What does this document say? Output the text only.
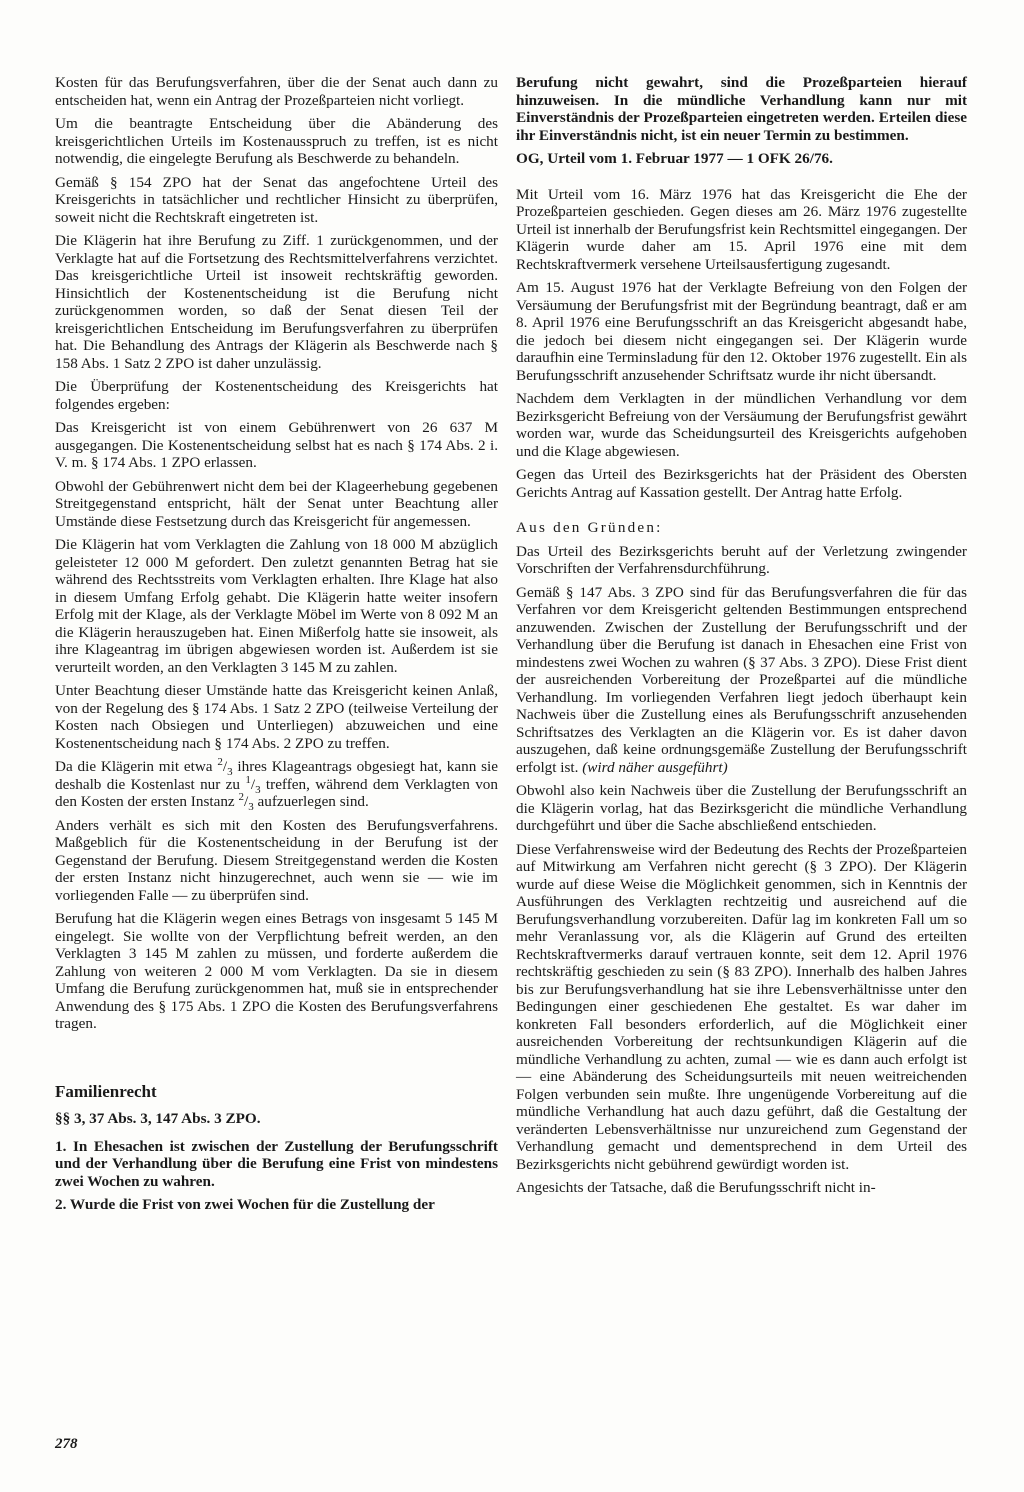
Kosten für das Berufungsverfahren, über die der Senat auch dann zu entscheiden hat, wenn ein Antrag der Prozeßparteien nicht vorliegt.

Um die beantragte Entscheidung über die Abänderung des kreisgerichtlichen Urteils im Kostenausspruch zu treffen, ist es nicht notwendig, die eingelegte Berufung als Beschwerde zu behandeln.

Gemäß § 154 ZPO hat der Senat das angefochtene Urteil des Kreisgerichts in tatsächlicher und rechtlicher Hinsicht zu überprüfen, soweit nicht die Rechtskraft eingetreten ist.

Die Klägerin hat ihre Berufung zu Ziff. 1 zurückgenommen, und der Verklagte hat auf die Fortsetzung des Rechtsmittelverfahrens verzichtet. Das kreisgerichtliche Urteil ist insoweit rechtskräftig geworden. Hinsichtlich der Kostenentscheidung ist die Berufung nicht zurückgenommen worden, so daß der Senat diesen Teil der kreisgerichtlichen Entscheidung im Berufungsverfahren zu überprüfen hat. Die Behandlung des Antrags der Klägerin als Beschwerde nach § 158 Abs. 1 Satz 2 ZPO ist daher unzulässig.

Die Überprüfung der Kostenentscheidung des Kreisgerichts hat folgendes ergeben:

Das Kreisgericht ist von einem Gebührenwert von 26 637 M ausgegangen. Die Kostenentscheidung selbst hat es nach § 174 Abs. 2 i. V. m. § 174 Abs. 1 ZPO erlassen.

Obwohl der Gebührenwert nicht dem bei der Klageerhebung gegebenen Streitgegenstand entspricht, hält der Senat unter Beachtung aller Umstände diese Festsetzung durch das Kreisgericht für angemessen.

Die Klägerin hat vom Verklagten die Zahlung von 18 000 M abzüglich geleisteter 12 000 M gefordert. Den zuletzt genannten Betrag hat sie während des Rechtsstreits vom Verklagten erhalten. Ihre Klage hat also in diesem Umfang Erfolg gehabt. Die Klägerin hatte weiter insofern Erfolg mit der Klage, als der Verklagte Möbel im Werte von 8 092 M an die Klägerin herauszugeben hat. Einen Mißerfolg hatte sie insoweit, als ihre Klageantrag im übrigen abgewiesen worden ist. Außerdem ist sie verurteilt worden, an den Verklagten 3 145 M zu zahlen.

Unter Beachtung dieser Umstände hatte das Kreisgericht keinen Anlaß, von der Regelung des § 174 Abs. 1 Satz 2 ZPO (teilweise Verteilung der Kosten nach Obsiegen und Unterliegen) abzuweichen und eine Kostenentscheidung nach § 174 Abs. 2 ZPO zu treffen.

Da die Klägerin mit etwa $^2/_3$ ihres Klageantrags obgesiegt hat, kann sie deshalb die Kostenlast nur zu $^1/_3$ treffen, während dem Verklagten von den Kosten der ersten Instanz $^2/_3$ aufzuerlegen sind.

Anders verhält es sich mit den Kosten des Berufungsverfahrens. Maßgeblich für die Kostenentscheidung in der Berufung ist der Gegenstand der Berufung. Diesem Streitgegenstand werden die Kosten der ersten Instanz nicht hinzugerechnet, auch wenn sie — wie im vorliegenden Falle — zu überprüfen sind.

Berufung hat die Klägerin wegen eines Betrags von insgesamt 5 145 M eingelegt. Sie wollte von der Verpflichtung befreit werden, an den Verklagten 3 145 M zahlen zu müssen, und forderte außerdem die Zahlung von weiteren 2 000 M vom Verklagten. Da sie in diesem Umfang die Berufung zurückgenommen hat, muß sie in entsprechender Anwendung des § 175 Abs. 1 ZPO die Kosten des Berufungsverfahrens tragen.

Familienrecht

§§ 3, 37 Abs. 3, 147 Abs. 3 ZPO.

1. In Ehesachen ist zwischen der Zustellung der Berufungsschrift und der Verhandlung über die Berufung eine Frist von mindestens zwei Wochen zu wahren.

2. Wurde die Frist von zwei Wochen für die Zustellung der

Berufung nicht gewahrt, sind die Prozeßparteien hierauf hinzuweisen. In die mündliche Verhandlung kann nur mit Einverständnis der Prozeßparteien eingetreten werden. Erteilen diese ihr Einverständnis nicht, ist ein neuer Termin zu bestimmen.

OG, Urteil vom 1. Februar 1977 — 1 OFK 26/76.

Mit Urteil vom 16. März 1976 hat das Kreisgericht die Ehe der Prozeßparteien geschieden. Gegen dieses am 26. März 1976 zugestellte Urteil ist innerhalb der Berufungsfrist kein Rechtsmittel eingegangen. Der Klägerin wurde daher am 15. April 1976 eine mit dem Rechtskraftvermerk versehene Urteilsausfertigung zugesandt.

Am 15. August 1976 hat der Verklagte Befreiung von den Folgen der Versäumung der Berufungsfrist mit der Begründung beantragt, daß er am 8. April 1976 eine Berufungsschrift an das Kreisgericht abgesandt habe, die jedoch bei diesem nicht eingegangen sei. Der Klägerin wurde daraufhin eine Terminsladung für den 12. Oktober 1976 zugestellt. Ein als Berufungsschrift anzusehender Schriftsatz wurde ihr nicht übersandt.

Nachdem dem Verklagten in der mündlichen Verhandlung vor dem Bezirksgericht Befreiung von der Versäumung der Berufungsfrist gewährt worden war, wurde das Scheidungsurteil des Kreisgerichts aufgehoben und die Klage abgewiesen.

Gegen das Urteil des Bezirksgerichts hat der Präsident des Obersten Gerichts Antrag auf Kassation gestellt. Der Antrag hatte Erfolg.

Aus den Gründen:

Das Urteil des Bezirksgerichts beruht auf der Verletzung zwingender Vorschriften der Verfahrensdurchführung.

Gemäß § 147 Abs. 3 ZPO sind für das Berufungsverfahren die für das Verfahren vor dem Kreisgericht geltenden Bestimmungen entsprechend anzuwenden. Zwischen der Zustellung der Berufungsschrift und der Verhandlung über die Berufung ist danach in Ehesachen eine Frist von mindestens zwei Wochen zu wahren (§ 37 Abs. 3 ZPO). Diese Frist dient der ausreichenden Vorbereitung der Prozeßpartei auf die mündliche Verhandlung. Im vorliegenden Verfahren liegt jedoch überhaupt kein Nachweis über die Zustellung eines als Berufungsschrift anzusehenden Schriftsatzes des Verklagten an die Klägerin vor. Es ist daher davon auszugehen, daß keine ordnungsgemäße Zustellung der Berufungsschrift erfolgt ist. (wird näher ausgeführt)

Obwohl also kein Nachweis über die Zustellung der Berufungsschrift an die Klägerin vorlag, hat das Bezirksgericht die mündliche Verhandlung durchgeführt und über die Sache abschließend entschieden.

Diese Verfahrensweise wird der Bedeutung des Rechts der Prozeßparteien auf Mitwirkung am Verfahren nicht gerecht (§ 3 ZPO). Der Klägerin wurde auf diese Weise die Möglichkeit genommen, sich in Kenntnis der Ausführungen des Verklagten rechtzeitig und ausreichend auf die Berufungsverhandlung vorzubereiten. Dafür lag im konkreten Fall um so mehr Veranlassung vor, als die Klägerin auf Grund des erteilten Rechtskraftvermerks darauf vertrauen konnte, seit dem 12. April 1976 rechtskräftig geschieden zu sein (§ 83 ZPO). Innerhalb des halben Jahres bis zur Berufungsverhandlung hat sie ihre Lebensverhältnisse unter den Bedingungen einer geschiedenen Ehe gestaltet. Es war daher im konkreten Fall besonders erforderlich, auf die Möglichkeit einer ausreichenden Vorbereitung der rechtsunkundigen Klägerin auf die mündliche Verhandlung zu achten, zumal — wie es dann auch erfolgt ist — eine Abänderung des Scheidungsurteils mit neuen weitreichenden Folgen verbunden sein mußte. Ihre ungenügende Vorbereitung auf die mündliche Verhandlung hat auch dazu geführt, daß die Gestaltung der veränderten Lebensverhältnisse nur unzureichend zum Gegenstand der Verhandlung gemacht und dementsprechend in dem Urteil des Bezirksgerichts nicht gebührend gewürdigt worden ist.

Angesichts der Tatsache, daß die Berufungsschrift nicht in-

278
